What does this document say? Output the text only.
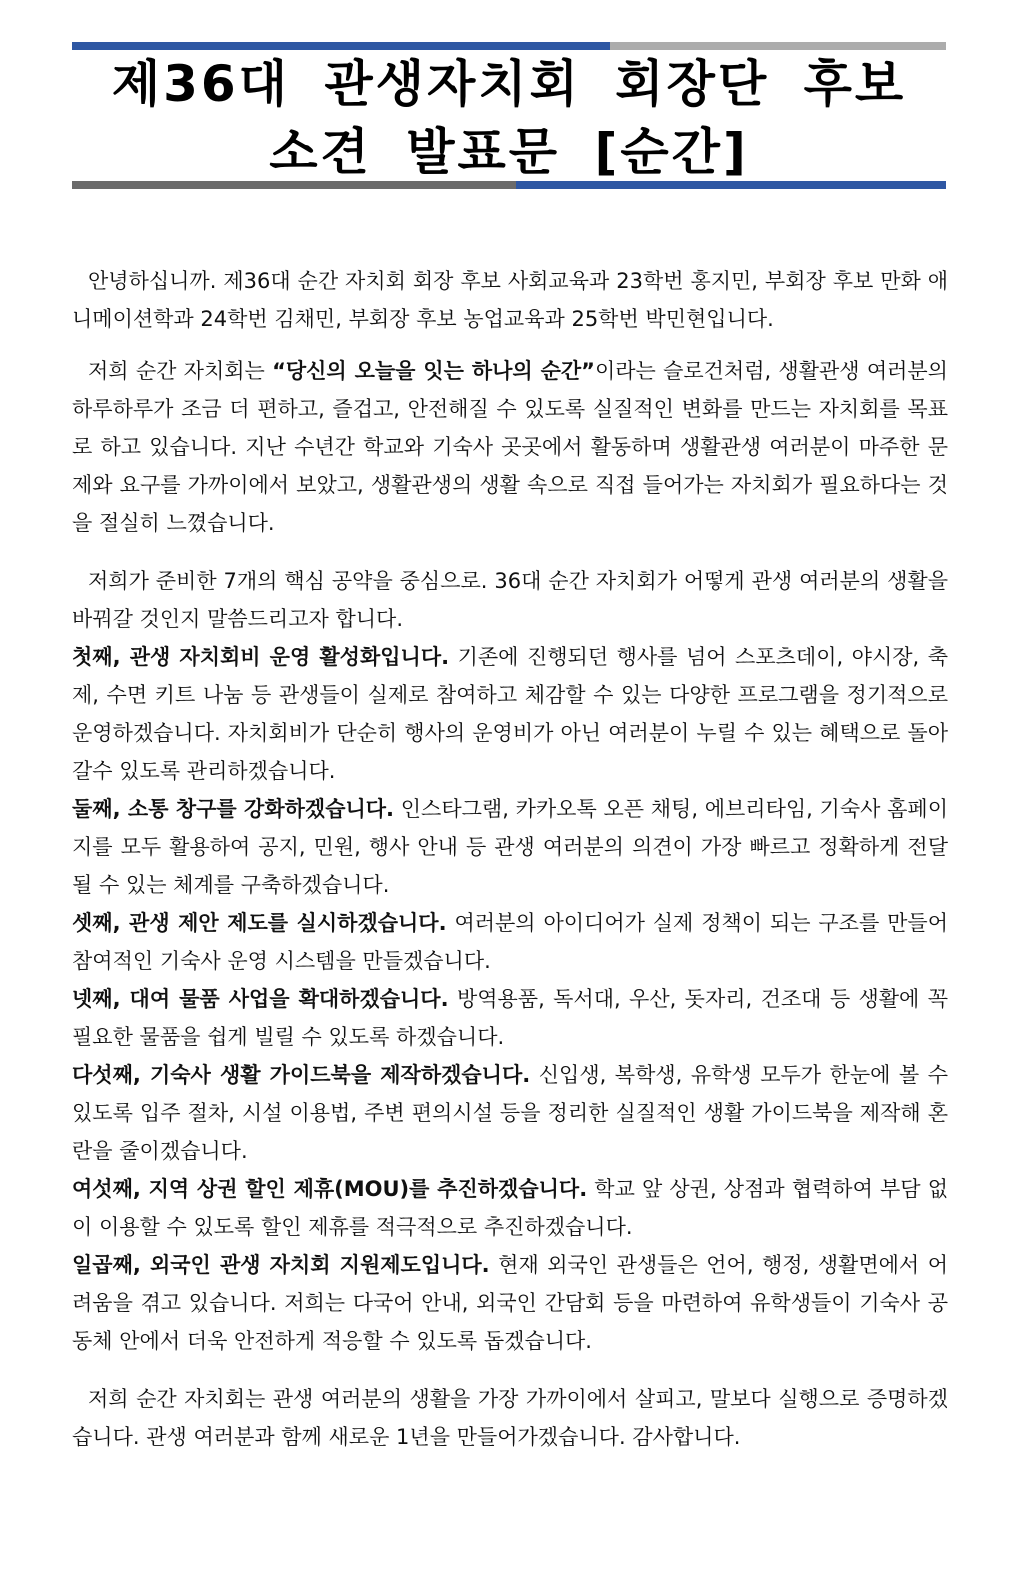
제36대 관생자치회 회장단 후보
소견 발표문 [순간]

안녕하십니까. 제36대 순간 자치회 회장 후보 사회교육과 23학번 홍지민, 부회장 후보 만화 애니메이션학과 24학번 김채민, 부회장 후보 농업교육과 25학번 박민현입니다.

저희 순간 자치회는 “당신의 오늘을 잇는 하나의 순간”이라는 슬로건처럼, 생활관생 여러분의 하루하루가 조금 더 편하고, 즐겁고, 안전해질 수 있도록 실질적인 변화를 만드는 자치회를 목표로 하고 있습니다. 지난 수년간 학교와 기숙사 곳곳에서 활동하며 생활관생 여러분이 마주한 문제와 요구를 가까이에서 보았고, 생활관생의 생활 속으로 직접 들어가는 자치회가 필요하다는 것을 절실히 느꼈습니다.

저희가 준비한 7개의 핵심 공약을 중심으로. 36대 순간 자치회가 어떻게 관생 여러분의 생활을 바꿔갈 것인지 말씀드리고자 합니다.

첫째, 관생 자치회비 운영 활성화입니다. 기존에 진행되던 행사를 넘어 스포츠데이, 야시장, 축제, 수면 키트 나눔 등 관생들이 실제로 참여하고 체감할 수 있는 다양한 프로그램을 정기적으로 운영하겠습니다. 자치회비가 단순히 행사의 운영비가 아닌 여러분이 누릴 수 있는 혜택으로 돌아갈수 있도록 관리하겠습니다.

둘째, 소통 창구를 강화하겠습니다. 인스타그램, 카카오톡 오픈 채팅, 에브리타임, 기숙사 홈페이지를 모두 활용하여 공지, 민원, 행사 안내 등 관생 여러분의 의견이 가장 빠르고 정확하게 전달될 수 있는 체계를 구축하겠습니다.

셋째, 관생 제안 제도를 실시하겠습니다. 여러분의 아이디어가 실제 정책이 되는 구조를 만들어 참여적인 기숙사 운영 시스템을 만들겠습니다.

넷째, 대여 물품 사업을 확대하겠습니다. 방역용품, 독서대, 우산, 돗자리, 건조대 등 생활에 꼭 필요한 물품을 쉽게 빌릴 수 있도록 하겠습니다.

다섯째, 기숙사 생활 가이드북을 제작하겠습니다. 신입생, 복학생, 유학생 모두가 한눈에 볼 수 있도록 입주 절차, 시설 이용법, 주변 편의시설 등을 정리한 실질적인 생활 가이드북을 제작해 혼란을 줄이겠습니다.

여섯째, 지역 상권 할인 제휴(MOU)를 추진하겠습니다. 학교 앞 상권, 상점과 협력하여 부담 없이 이용할 수 있도록 할인 제휴를 적극적으로 추진하겠습니다.

일곱째, 외국인 관생 자치회 지원제도입니다. 현재 외국인 관생들은 언어, 행정, 생활면에서 어려움을 겪고 있습니다. 저희는 다국어 안내, 외국인 간담회 등을 마련하여 유학생들이 기숙사 공동체 안에서 더욱 안전하게 적응할 수 있도록 돕겠습니다.

저희 순간 자치회는 관생 여러분의 생활을 가장 가까이에서 살피고, 말보다 실행으로 증명하겠습니다. 관생 여러분과 함께 새로운 1년을 만들어가겠습니다. 감사합니다.
